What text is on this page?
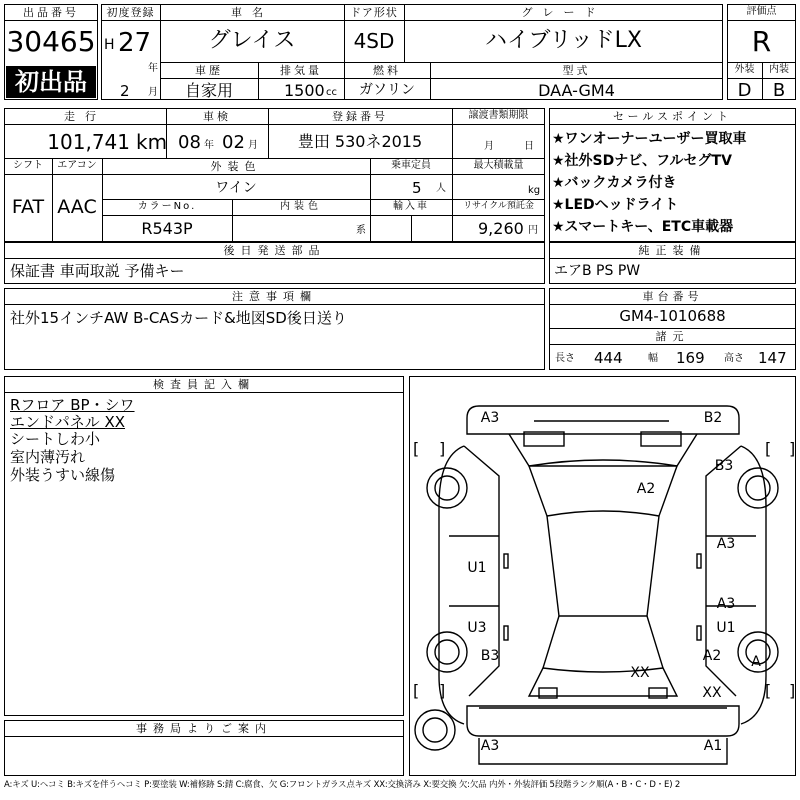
出品番号
30465
初出品
初度登録
H 27
年
2 月
車名
グレイス
ドア形状
4SD
グレード
ハイブリッドLX
車歴
自家用
排気量
1500 cc
燃料
ガソリン
型式
DAA-GM4
評価点
R
外装	内装
D	B
走行
101,741 km
車検
08 年 02 月
登録番号
豊田 530ネ2015
譲渡書類期限
月	日
シフト
FAT
エアコン
AAC
外装色
ワイン
乗車定員
5 人
最大積載量
kg
カラーNo.
R543P
内装色
系
輸入車	リサイクル預託金
9,260 円
セールスポイント
★ワンオーナーユーザー買取車
★社外SDナビ、フルセグTV
★バックカメラ付き
★LEDヘッドライト
★スマートキー、ETC車載器
後日発送部品
保証書 車両取説 予備キー
純正装備
エアB PS PW
注意事項欄
社外15インチAW B-CASカード&地図SD後日送り
車台番号
GM4-1010688
諸元
長さ 444	幅 169 高さ 147
検査員記入欄
Rフロア BP・シワ
エンドパネル XX
シートしわ小
室内薄汚れ
外装うすい線傷
事務局よりご案内
[ ]	[ ]
[ ]	[ ]
A3	B2
B3
A2
A3
U1
A3
U3	U1
B3	A2 A
XX
XX
A3	A1
A:キズ U:ヘコミ B:キズを伴うヘコミ P:要塗装 W:補修跡 S:錆 C:腐食、欠 G:フロントガラス点キズ XX:交換済み X:要交換 欠:欠品 内外・外装評価 5段階ランク順(A・B・C・D・E) 2
